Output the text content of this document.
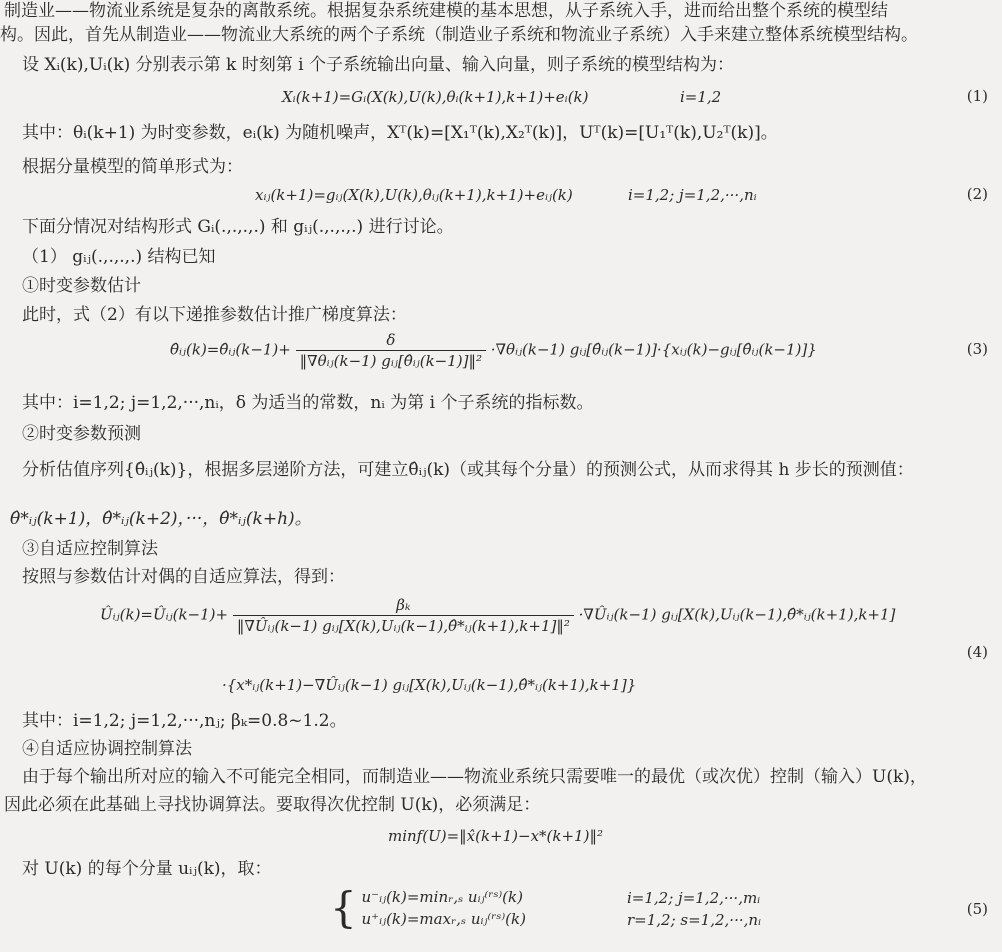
制造业——物流业系统是复杂的离散系统。根据复杂系统建模的基本思想，从子系统入手，进而给出整个系统的模型结
构。因此，首先从制造业——物流业大系统的两个子系统（制造业子系统和物流业子系统）入手来建立整体系统模型结构。
设 Xᵢ(k),Uᵢ(k) 分别表示第 k 时刻第 i 个子系统输出向量、输入向量，则子系统的模型结构为：
Xᵢ(k+1)=Gᵢ(X(k),U(k),θᵢ(k+1),k+1)+eᵢ(k)	i=1,2	(1)
其中：θᵢ(k+1) 为时变参数，eᵢ(k) 为随机噪声，Xᵀ(k)=[X₁ᵀ(k),X₂ᵀ(k)]，Uᵀ(k)=[U₁ᵀ(k),U₂ᵀ(k)]。
根据分量模型的简单形式为：
xᵢⱼ(k+1)=gᵢⱼ(X(k),U(k),θᵢⱼ(k+1),k+1)+eᵢⱼ(k)	i=1,2; j=1,2,···,nᵢ	(2)
下面分情况对结构形式 Gᵢ(.,.,.,.) 和 gᵢⱼ(.,.,.,.) 进行讨论。
（1） gᵢⱼ(.,.,.,.) 结构已知
①时变参数估计
此时，式（2）有以下递推参数估计推广梯度算法：
θ̂ᵢⱼ(k)=θ̂ᵢⱼ(k−1)+ $\frac{\delta}{\text{‖∇θᵢⱼ(k−1) gᵢⱼ[θ̂ᵢⱼ(k−1)]‖²}}$ ·∇θᵢⱼ(k−1) gᵢⱼ[θ̂ᵢⱼ(k−1)]·{xᵢⱼ(k)−gᵢⱼ[θ̂ᵢⱼ(k−1)]}	(3)
其中：i=1,2; j=1,2,···,nᵢ，δ 为适当的常数，nᵢ 为第 i 个子系统的指标数。
②时变参数预测
分析估值序列{θ̂ᵢⱼ(k)}，根据多层递阶方法，可建立θ̂ᵢⱼ(k)（或其每个分量）的预测公式，从而求得其 h 步长的预测值：
θ̂*ᵢⱼ(k+1)，θ̂*ᵢⱼ(k+2)，···，θ̂*ᵢⱼ(k+h)。
③自适应控制算法
按照与参数估计对偶的自适应算法，得到：
Ûᵢⱼ(k)=Ûᵢⱼ(k−1)+ $\frac{\text{βₖ}}{\text{‖∇Ûᵢⱼ(k−1) gᵢⱼ[X(k),Uᵢⱼ(k−1),θ̂*ᵢⱼ(k+1),k+1]‖²}}$ ·∇Ûᵢⱼ(k−1) gᵢⱼ[X(k),Uᵢⱼ(k−1),θ̂*ᵢⱼ(k+1),k+1]
·{x*ᵢⱼ(k+1)−∇Ûᵢⱼ(k−1) gᵢⱼ[X(k),Uᵢⱼ(k−1),θ̂*ᵢⱼ(k+1),k+1]}
(4)
其中：i=1,2; j=1,2,···,nⱼ; βₖ=0.8~1.2。
④自适应协调控制算法
由于每个输出所对应的输入不可能完全相同，而制造业——物流业系统只需要唯一的最优（或次优）控制（输入）U(k)，
因此必须在此基础上寻找协调算法。要取得次优控制 U(k)，必须满足：
minf(U)=‖x̂(k+1)−x*(k+1)‖²
对 U(k) 的每个分量 uᵢⱼ(k)，取：
{ u⁻ᵢⱼ(k)=minᵣ,ₛ uᵢⱼ⁽ʳˢ⁾(k)
u⁺ᵢⱼ(k)=maxᵣ,ₛ uᵢⱼ⁽ʳˢ⁾(k)
i=1,2; j=1,2,···,mᵢ
r=1,2; s=1,2,···,nᵢ
(5)
